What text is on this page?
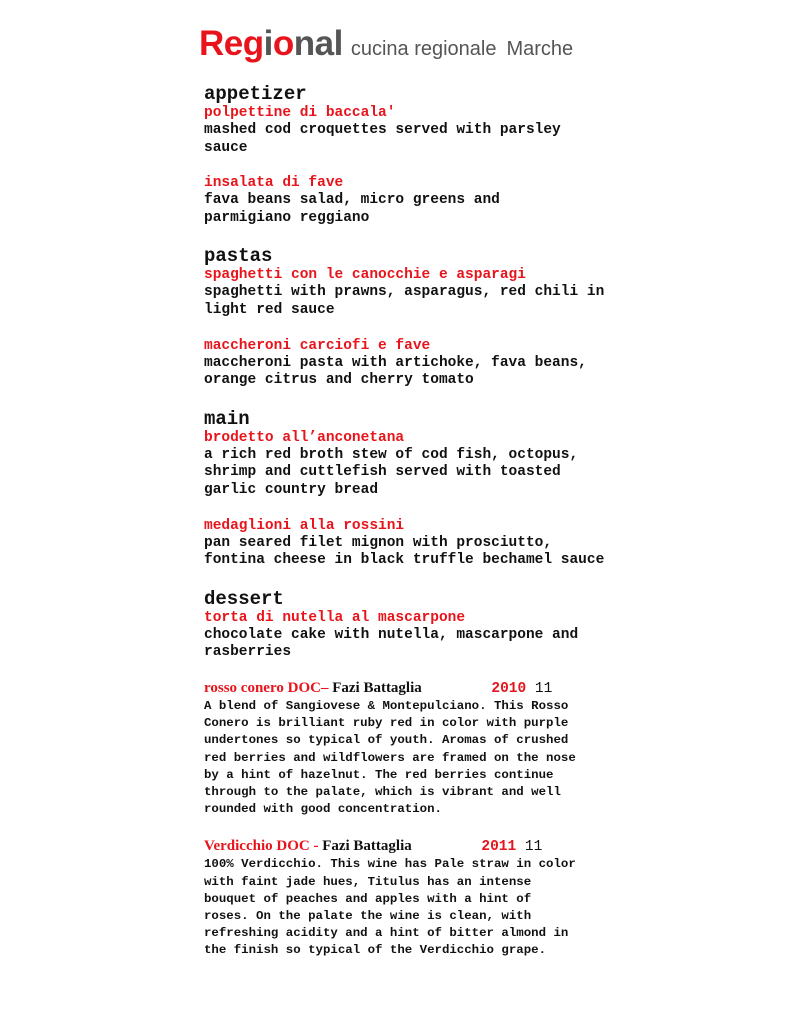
Regional cucina regionale Marche
appetizer
polpettine di baccala'
mashed cod croquettes served with parsley
sauce
insalata di fave
fava beans salad, micro greens and
parmigiano reggiano
pastas
spaghetti con le canocchie e asparagi
spaghetti with prawns, asparagus, red chili in
light red sauce
maccheroni carciofi e fave
maccheroni pasta with artichoke, fava beans,
orange citrus and cherry tomato
main
brodetto all’anconetana
a rich red broth stew of cod fish, octopus,
shrimp and cuttlefish served with toasted
garlic country bread
medaglioni alla rossini
pan seared filet mignon with prosciutto,
fontina cheese in black truffle bechamel sauce
dessert
torta di nutella al mascarpone
chocolate cake with nutella, mascarpone and
rasberries
rosso conero DOC– Fazi Battaglia	2010 11
A blend of Sangiovese & Montepulciano. This Rosso
Conero is brilliant ruby red in color with purple
undertones so typical of youth. Aromas of crushed
red berries and wildflowers are framed on the nose
by a hint of hazelnut. The red berries continue
through to the palate, which is vibrant and well
rounded with good concentration.
Verdicchio DOC - Fazi Battaglia	2011 11
100% Verdicchio. This wine has Pale straw in color
with faint jade hues, Titulus has an intense
bouquet of peaches and apples with a hint of
roses. On the palate the wine is clean, with
refreshing acidity and a hint of bitter almond in
the finish so typical of the Verdicchio grape.
